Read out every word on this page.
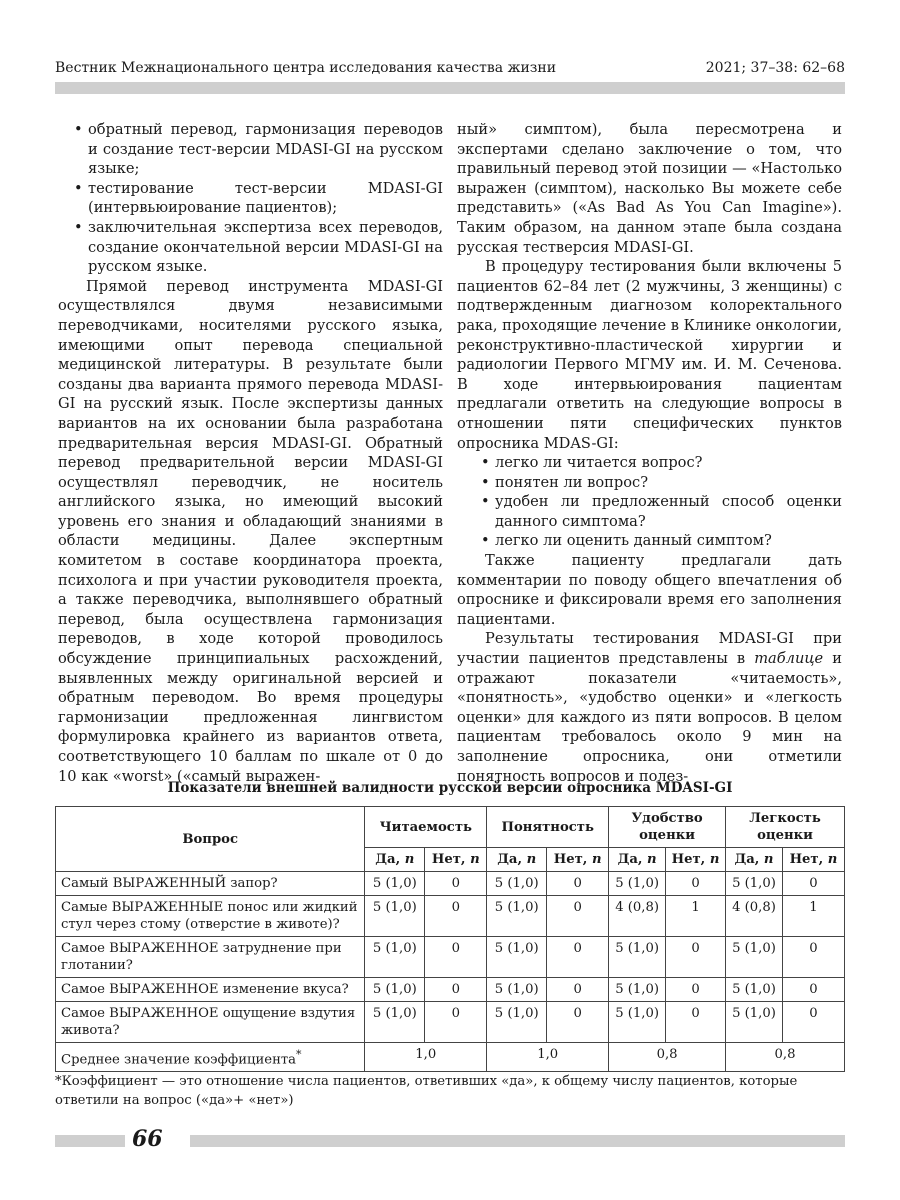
Вестник Межнационального центра исследования качества жизни	2021; 37–38: 62–68
• обратный перевод, гармонизация переводов и создание тест-версии MDASI-GI на русском языке;
• тестирование тест-версии MDASI-GI (интервьюирование пациентов);
• заключительная экспертиза всех переводов, создание окончательной версии MDASI-GI на русском языке.

Прямой перевод инструмента MDASI-GI осуществлялся двумя независимыми переводчиками, носителями русского языка, имеющими опыт перевода специальной медицинской литературы. В результате были созданы два варианта прямого перевода MDASI-GI на русский язык. После экспертизы данных вариантов на их основании была разработана предварительная версия MDASI-GI. Обратный перевод предварительной версии MDASI-GI осуществлял переводчик, не носитель английского языка, но имеющий высокий уровень его знания и обладающий знаниями в области медицины. Далее экспертным комитетом в составе координатора проекта, психолога и при участии руководителя проекта, а также переводчика, выполнявшего обратный перевод, была осуществлена гармонизация переводов, в ходе которой проводилось обсуждение принципиальных расхождений, выявленных между оригинальной версией и обратным переводом. Во время процедуры гармонизации предложенная лингвистом формулировка крайнего из вариантов ответа, соответствующего 10 баллам по шкале от 0 до 10 как «worst» («самый выражен-

ный» симптом), была пересмотрена и экспертами сделано заключение о том, что правильный перевод этой позиции — «Настолько выражен (симптом), насколько Вы можете себе представить» («As Bad As You Can Imagine»). Таким образом, на данном этапе была создана русская тестверсия MDASI-GI.

В процедуру тестирования были включены 5 пациентов 62–84 лет (2 мужчины, 3 женщины) с подтвержденным диагнозом колоректального рака, проходящие лечение в Клинике онкологии, реконструктивно-пластической хирургии и радиологии Первого МГМУ им. И. М. Сеченова. В ходе интервьюирования пациентам предлагали ответить на следующие вопросы в отношении пяти специфических пунктов опросника MDAS-GI:

• легко ли читается вопрос?
• понятен ли вопрос?
• удобен ли предложенный способ оценки данного симптома?
• легко ли оценить данный симптом?

Также пациенту предлагали дать комментарии по поводу общего впечатления об опроснике и фиксировали время его заполнения пациентами.

Результаты тестирования MDASI-GI при участии пациентов представлены в таблице и отражают показатели «читаемость», «понятность», «удобство оценки» и «легкость оценки» для каждого из пяти вопросов. В целом пациентам требовалось около 9 мин на заполнение опросника, они отметили понятность вопросов и полез-

Показатели внешней валидности русской версии опросника MDASI-GI
Вопрос	Читаемость		Понятность		Удобство оценки		Легкость оценки	
	Да, n	Нет, n	Да, n	Нет, n	Да, n	Нет, n	Да, n	Нет, n
Самый ВЫРАЖЕННЫЙ запор?	5 (1,0)	0	5 (1,0)	0	5 (1,0)	0	5 (1,0)	0
Самые ВЫРАЖЕННЫЕ понос или жидкий стул через стому (отверстие в животе)?	5 (1,0)	0	5 (1,0)	0	4 (0,8)	1	4 (0,8)	1
Самое ВЫРАЖЕННОЕ затруднение при глотании?	5 (1,0)	0	5 (1,0)	0	5 (1,0)	0	5 (1,0)	0
Самое ВЫРАЖЕННОЕ изменение вкуса?	5 (1,0)	0	5 (1,0)	0	5 (1,0)	0	5 (1,0)	0
Самое ВЫРАЖЕННОЕ ощущение вздутия живота?	5 (1,0)	0	5 (1,0)	0	5 (1,0)	0	5 (1,0)	0
Среднее значение коэффициента*	1,0		1,0		0,8		0,8	
*Коэффициент — это отношение числа пациентов, ответивших «да», к общему числу пациентов, которые ответили на вопрос («да»+ «нет»)
66
